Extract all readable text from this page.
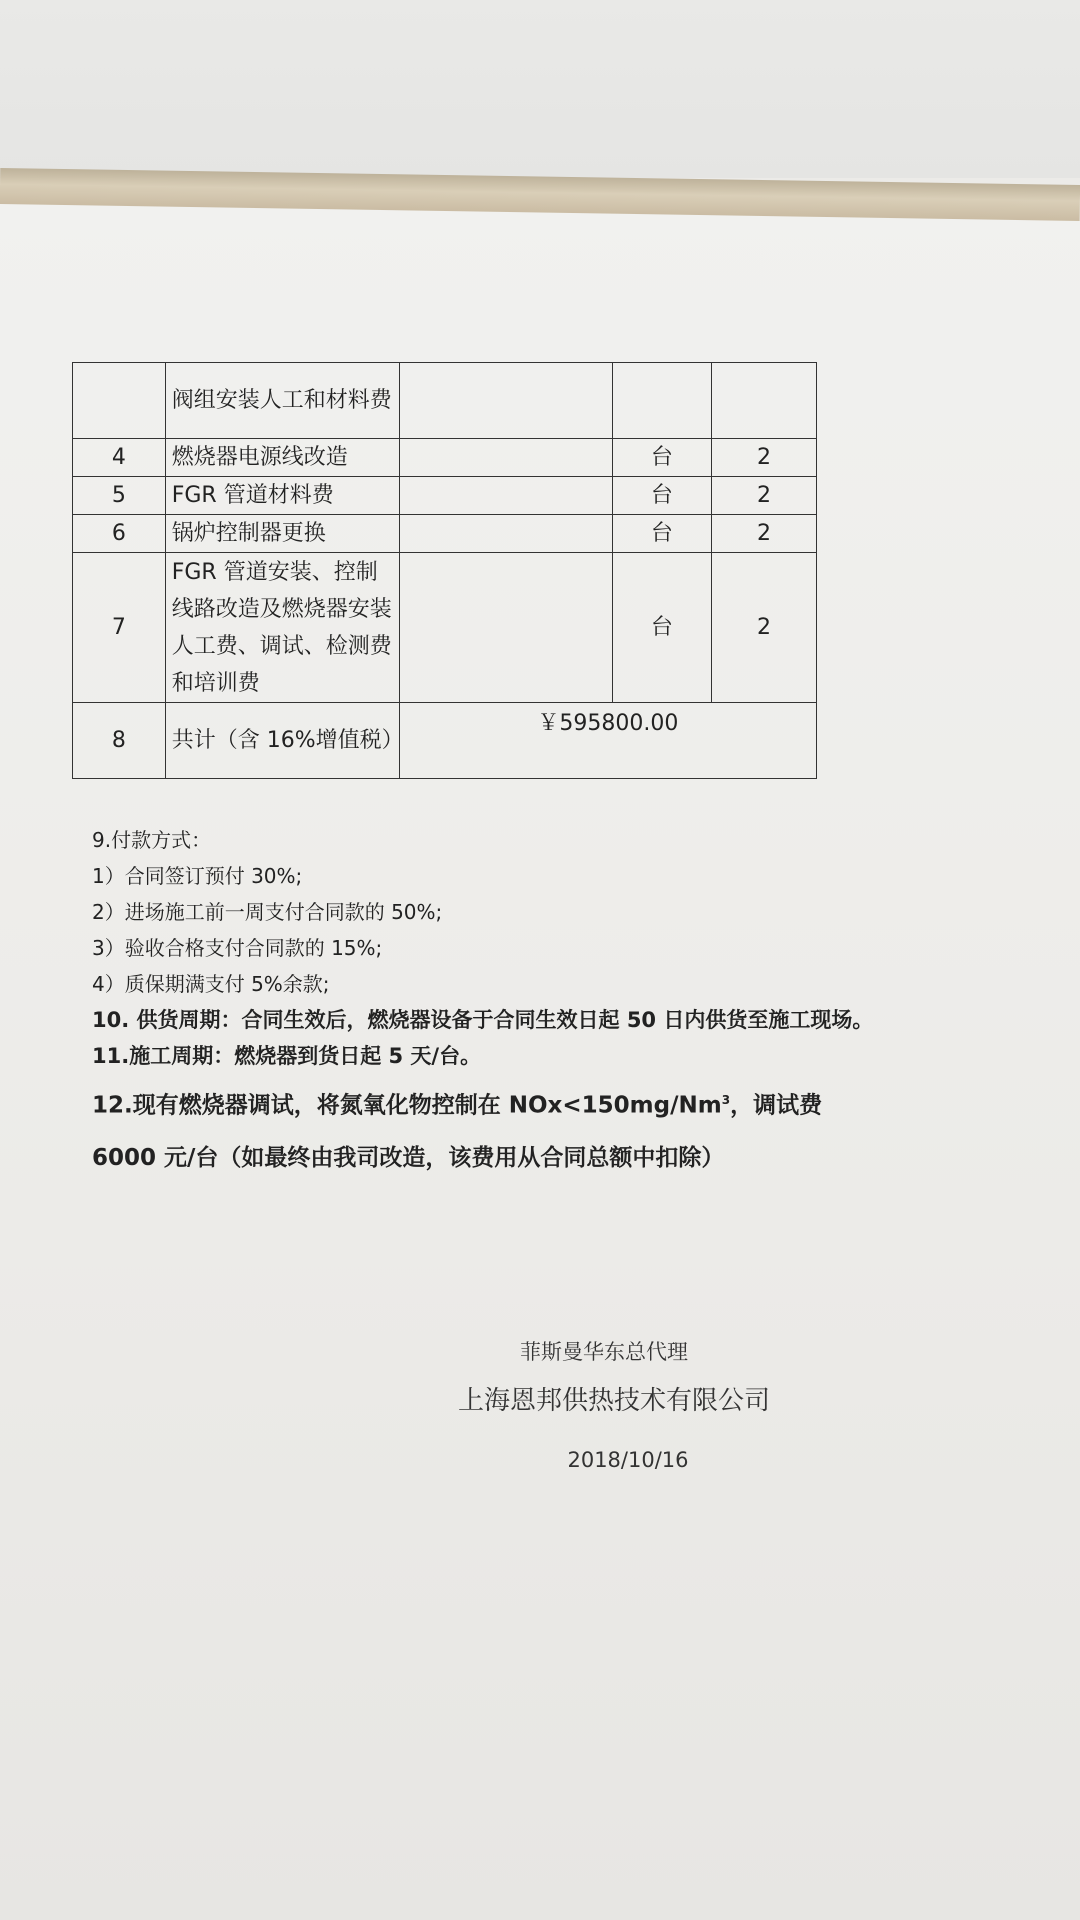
	阀组安装人工和材料费			
4	燃烧器电源线改造		台	2
5	FGR 管道材料费		台	2
6	锅炉控制器更换		台	2
7	FGR 管道安装、控制线路改造及燃烧器安装人工费、调试、检测费和培训费		台	2
8	共计（含 16%增值税）	￥595800.00		
9.付款方式：
1）合同签订预付 30%;
2）进场施工前一周支付合同款的 50%;
3）验收合格支付合同款的 15%;
4）质保期满支付 5%余款;
10. 供货周期：合同生效后，燃烧器设备于合同生效日起 50 日内供货至施工现场。
11.施工周期：燃烧器到货日起 5 天/台。
12.现有燃烧器调试，将氮氧化物控制在 $NOx<150mg/Nm^3$，调试费
6000 元/台（如最终由我司改造，该费用从合同总额中扣除）
菲斯曼华东总代理
上海恩邦供热技术有限公司
2018/10/16
